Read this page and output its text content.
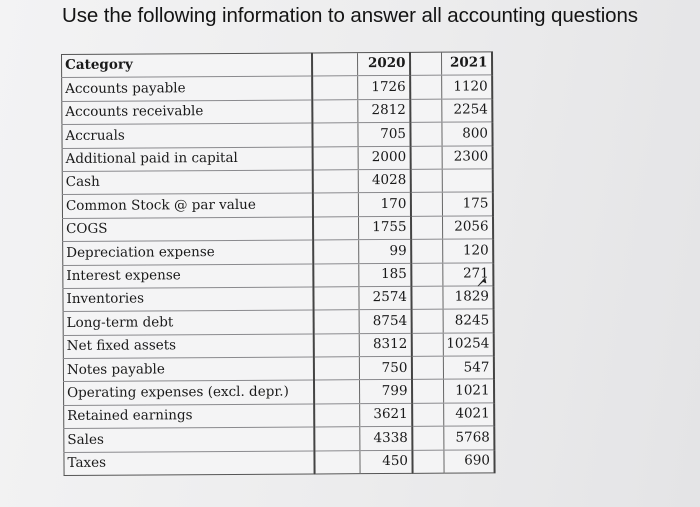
Use the following information to answer all accounting questions
Category		2020		2021
Accounts payable		1726		1120
Accounts receivable		2812		2254
Accruals		705		800
Additional paid in capital		2000		2300
Cash		4028		
Common Stock @ par value		170		175
COGS		1755		2056
Depreciation expense		99		120
Interest expense		185		271
Inventories		2574		1829
Long-term debt		8754		8245
Net fixed assets		8312		10254
Notes payable		750		547
Operating expenses (excl. depr.)		799		1021
Retained earnings		3621		4021
Sales		4338		5768
Taxes		450		690
